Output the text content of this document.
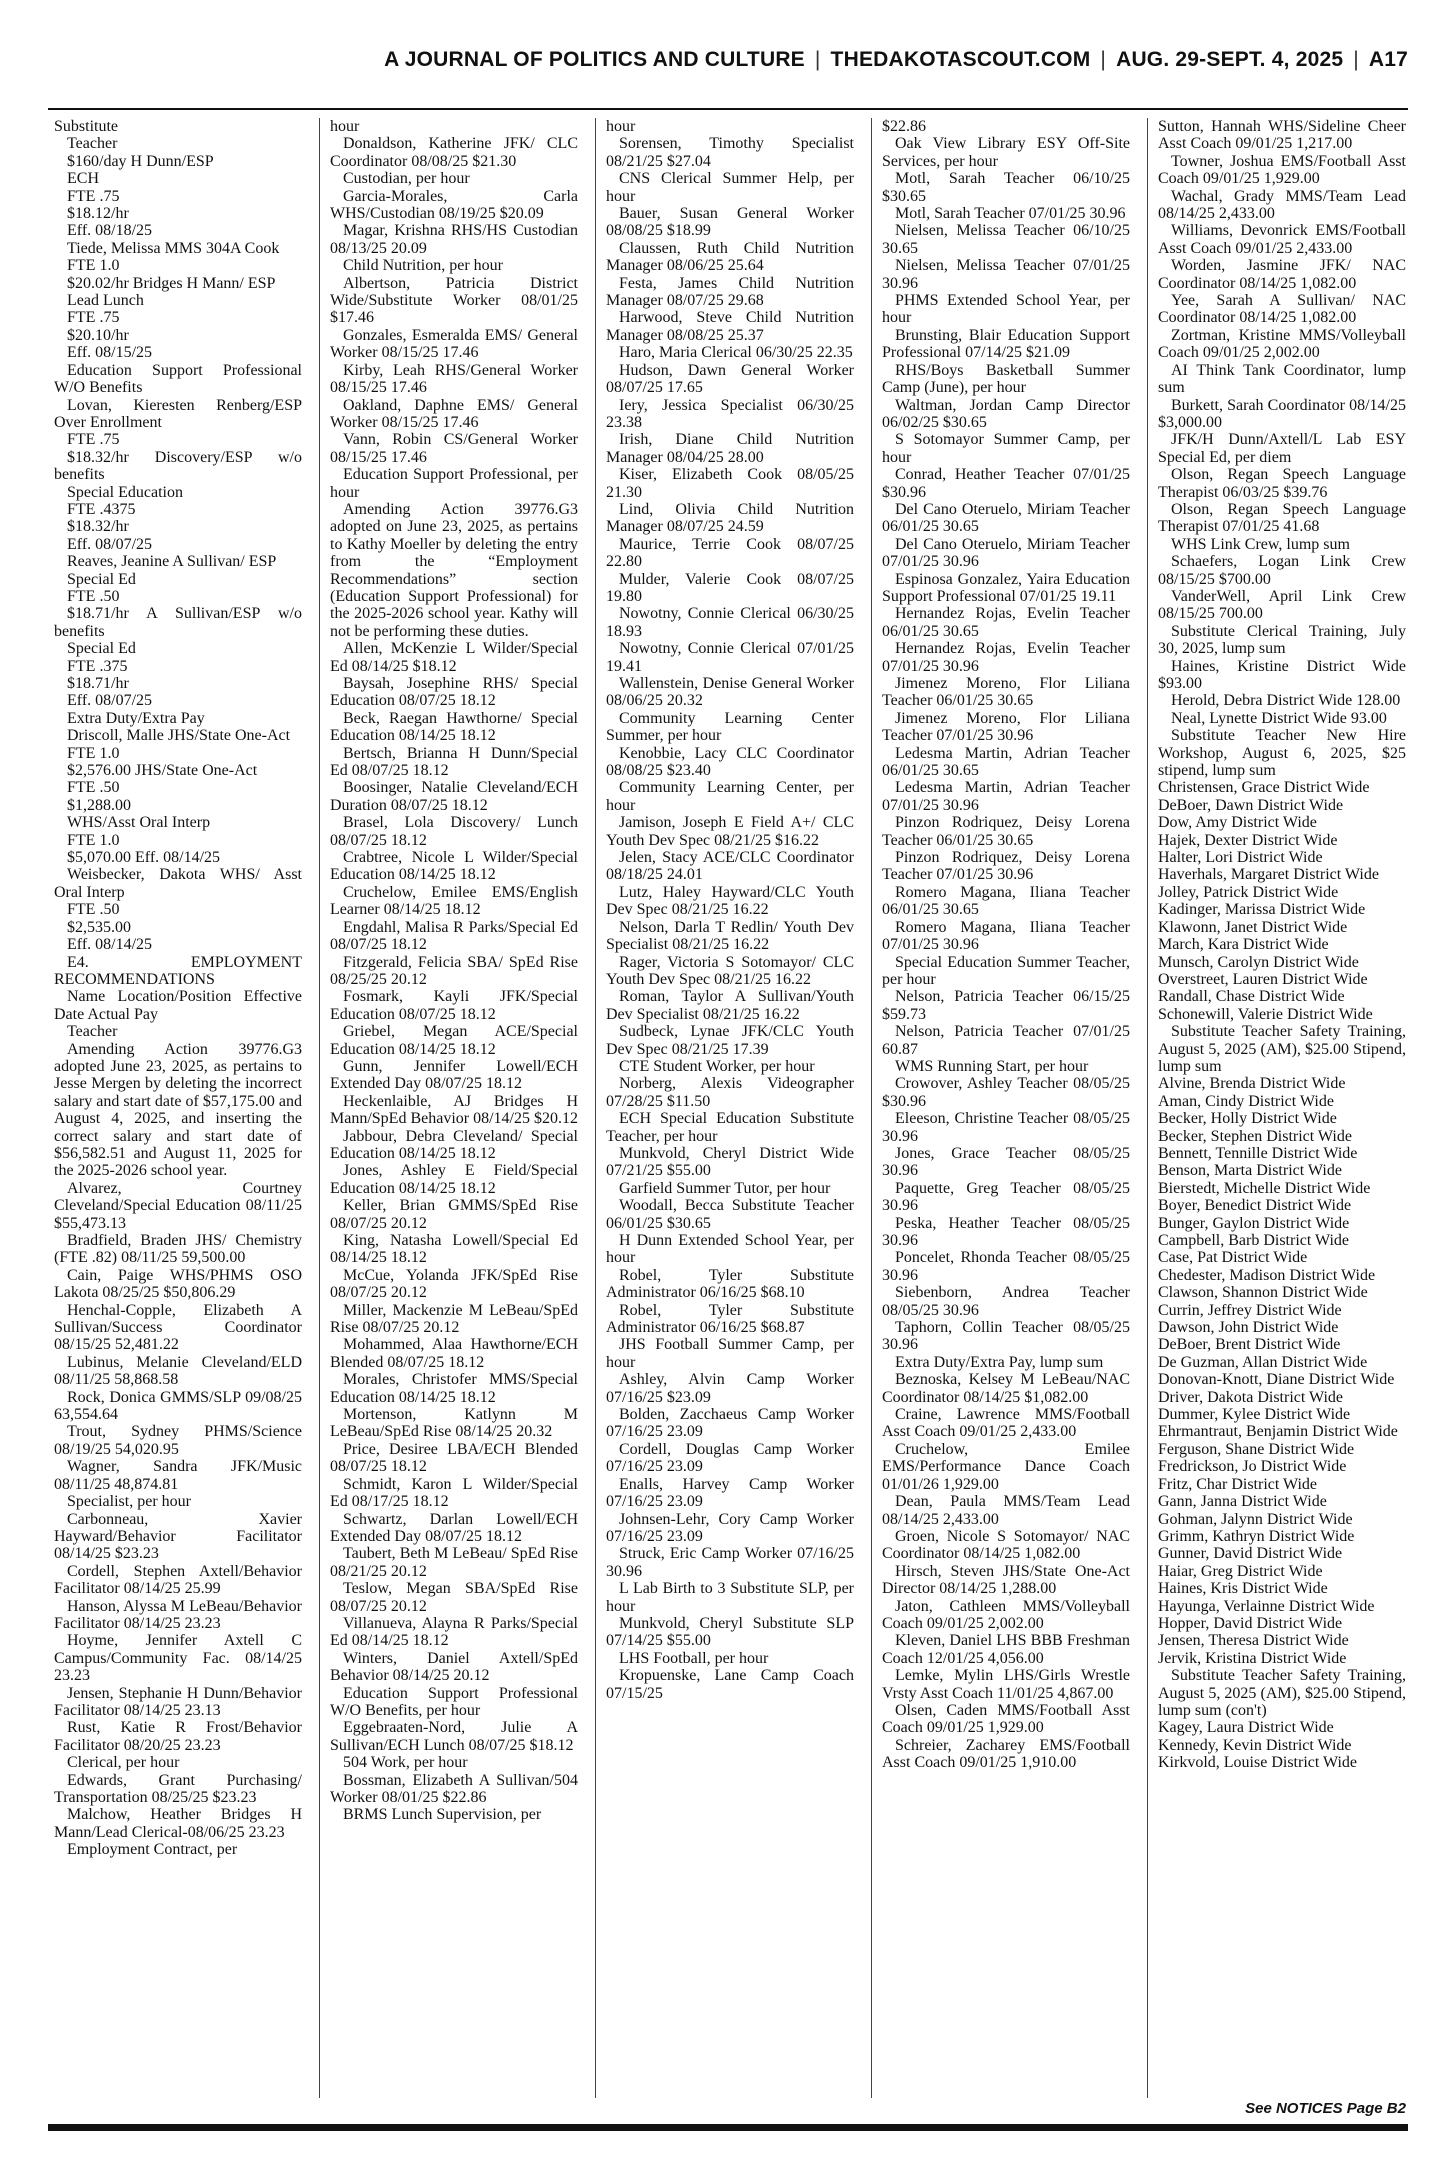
A JOURNAL OF POLITICS AND CULTURE | THEDAKOTASCOUT.COM | AUG. 29-SEPT. 4, 2025 | A17

Substitute

Teacher

$160/day H Dunn/ESP

ECH

FTE .75

$18.12/hr

Eff. 08/18/25

Tiede, Melissa MMS 304A Cook

FTE 1.0

$20.02/hr Bridges H Mann/ ESP

Lead Lunch

FTE .75

$20.10/hr

Eff. 08/15/25

Education Support Professional W/O Benefits

Lovan, Kieresten Renberg/ESP Over Enrollment

FTE .75

$18.32/hr Discovery/ESP w/o benefits

Special Education

FTE .4375

$18.32/hr

Eff. 08/07/25

Reaves, Jeanine A Sullivan/ ESP

Special Ed

FTE .50

$18.71/hr A Sullivan/ESP w/o benefits

Special Ed

FTE .375

$18.71/hr

Eff. 08/07/25

Extra Duty/Extra Pay

Driscoll, Malle JHS/State One-Act

FTE 1.0

$2,576.00 JHS/State One-Act

FTE .50

$1,288.00

WHS/Asst Oral Interp

FTE 1.0

$5,070.00 Eff. 08/14/25

Weisbecker, Dakota WHS/ Asst Oral Interp

FTE .50

$2,535.00

Eff. 08/14/25

E4. EMPLOYMENT RECOMMENDATIONS

Name Location/Position Effective Date Actual Pay

Teacher

Amending Action 39776.G3 adopted June 23, 2025, as pertains to Jesse Mergen by deleting the incorrect salary and start date of $57,175.00 and August 4, 2025, and inserting the correct salary and start date of $56,582.51 and August 11, 2025 for the 2025-2026 school year.

Alvarez, Courtney Cleveland/Special Education 08/11/25 $55,473.13

Bradfield, Braden JHS/ Chemistry (FTE .82) 08/11/25 59,500.00

Cain, Paige WHS/PHMS OSO Lakota 08/25/25 $50,806.29

Henchal-Copple, Elizabeth A Sullivan/Success Coordinator 08/15/25 52,481.22

Lubinus, Melanie Cleveland/ELD 08/11/25 58,868.58

Rock, Donica GMMS/SLP 09/08/25 63,554.64

Trout, Sydney PHMS/Science 08/19/25 54,020.95

Wagner, Sandra JFK/Music 08/11/25 48,874.81

Specialist, per hour

Carbonneau, Xavier Hayward/Behavior Facilitator 08/14/25 $23.23

Cordell, Stephen Axtell/Behavior Facilitator 08/14/25 25.99

Hanson, Alyssa M LeBeau/Behavior Facilitator 08/14/25 23.23

Hoyme, Jennifer Axtell C Campus/Community Fac. 08/14/25 23.23

Jensen, Stephanie H Dunn/Behavior Facilitator 08/14/25 23.13

Rust, Katie R Frost/Behavior Facilitator 08/20/25 23.23

Clerical, per hour

Edwards, Grant Purchasing/ Transportation 08/25/25 $23.23

Malchow, Heather Bridges H Mann/Lead Clerical-08/06/25 23.23

Employment Contract, per

hour

Donaldson, Katherine JFK/ CLC Coordinator 08/08/25 $21.30

Custodian, per hour

Garcia-Morales, Carla WHS/Custodian 08/19/25 $20.09

Magar, Krishna RHS/HS Custodian 08/13/25 20.09

Child Nutrition, per hour

Albertson, Patricia District Wide/Substitute Worker 08/01/25 $17.46

Gonzales, Esmeralda EMS/ General Worker 08/15/25 17.46

Kirby, Leah RHS/General Worker 08/15/25 17.46

Oakland, Daphne EMS/ General Worker 08/15/25 17.46

Vann, Robin CS/General Worker 08/15/25 17.46

Education Support Professional, per hour

Amending Action 39776.G3 adopted on June 23, 2025, as pertains to Kathy Moeller by deleting the entry from the “Employment Recommendations” section (Education Support Professional) for the 2025-2026 school year. Kathy will not be performing these duties.

Allen, McKenzie L Wilder/Special Ed 08/14/25 $18.12

Baysah, Josephine RHS/ Special Education 08/07/25 18.12

Beck, Raegan Hawthorne/ Special Education 08/14/25 18.12

Bertsch, Brianna H Dunn/Special Ed 08/07/25 18.12

Boosinger, Natalie Cleveland/ECH Duration 08/07/25 18.12

Brasel, Lola Discovery/ Lunch 08/07/25 18.12

Crabtree, Nicole L Wilder/Special Education 08/14/25 18.12

Cruchelow, Emilee EMS/English Learner 08/14/25 18.12

Engdahl, Malisa R Parks/Special Ed 08/07/25 18.12

Fitzgerald, Felicia SBA/ SpEd Rise 08/25/25 20.12

Fosmark, Kayli JFK/Special Education 08/07/25 18.12

Griebel, Megan ACE/Special Education 08/14/25 18.12

Gunn, Jennifer Lowell/ECH Extended Day 08/07/25 18.12

Heckenlaible, AJ Bridges H Mann/SpEd Behavior 08/14/25 $20.12

Jabbour, Debra Cleveland/ Special Education 08/14/25 18.12

Jones, Ashley E Field/Special Education 08/14/25 18.12

Keller, Brian GMMS/SpEd Rise 08/07/25 20.12

King, Natasha Lowell/Special Ed 08/14/25 18.12

McCue, Yolanda JFK/SpEd Rise 08/07/25 20.12

Miller, Mackenzie M LeBeau/SpEd Rise 08/07/25 20.12

Mohammed, Alaa Hawthorne/ECH Blended 08/07/25 18.12

Morales, Christofer MMS/Special Education 08/14/25 18.12

Mortenson, Katlynn M LeBeau/SpEd Rise 08/14/25 20.32

Price, Desiree LBA/ECH Blended 08/07/25 18.12

Schmidt, Karon L Wilder/Special Ed 08/17/25 18.12

Schwartz, Darlan Lowell/ECH Extended Day 08/07/25 18.12

Taubert, Beth M LeBeau/ SpEd Rise 08/21/25 20.12

Teslow, Megan SBA/SpEd Rise 08/07/25 20.12

Villanueva, Alayna R Parks/Special Ed 08/14/25 18.12

Winters, Daniel Axtell/SpEd Behavior 08/14/25 20.12

Education Support Professional W/O Benefits, per hour

Eggebraaten-Nord, Julie A Sullivan/ECH Lunch 08/07/25 $18.12

504 Work, per hour

Bossman, Elizabeth A Sullivan/504 Worker 08/01/25 $22.86

BRMS Lunch Supervision, per

hour

Sorensen, Timothy Specialist 08/21/25 $27.04

CNS Clerical Summer Help, per hour

Bauer, Susan General Worker 08/08/25 $18.99

Claussen, Ruth Child Nutrition Manager 08/06/25 25.64

Festa, James Child Nutrition Manager 08/07/25 29.68

Harwood, Steve Child Nutrition Manager 08/08/25 25.37

Haro, Maria Clerical 06/30/25 22.35

Hudson, Dawn General Worker 08/07/25 17.65

Iery, Jessica Specialist 06/30/25 23.38

Irish, Diane Child Nutrition Manager 08/04/25 28.00

Kiser, Elizabeth Cook 08/05/25 21.30

Lind, Olivia Child Nutrition Manager 08/07/25 24.59

Maurice, Terrie Cook 08/07/25 22.80

Mulder, Valerie Cook 08/07/25 19.80

Nowotny, Connie Clerical 06/30/25 18.93

Nowotny, Connie Clerical 07/01/25 19.41

Wallenstein, Denise General Worker 08/06/25 20.32

Community Learning Center Summer, per hour

Kenobbie, Lacy CLC Coordinator 08/08/25 $23.40

Community Learning Center, per hour

Jamison, Joseph E Field A+/ CLC Youth Dev Spec 08/21/25 $16.22

Jelen, Stacy ACE/CLC Coordinator 08/18/25 24.01

Lutz, Haley Hayward/CLC Youth Dev Spec 08/21/25 16.22

Nelson, Darla T Redlin/ Youth Dev Specialist 08/21/25 16.22

Rager, Victoria S Sotomayor/ CLC Youth Dev Spec 08/21/25 16.22

Roman, Taylor A Sullivan/Youth Dev Specialist 08/21/25 16.22

Sudbeck, Lynae JFK/CLC Youth Dev Spec 08/21/25 17.39

CTE Student Worker, per hour

Norberg, Alexis Videographer 07/28/25 $11.50

ECH Special Education Substitute Teacher, per hour

Munkvold, Cheryl District Wide 07/21/25 $55.00

Garfield Summer Tutor, per hour

Woodall, Becca Substitute Teacher 06/01/25 $30.65

H Dunn Extended School Year, per hour

Robel, Tyler Substitute Administrator 06/16/25 $68.10

Robel, Tyler Substitute Administrator 06/16/25 $68.87

JHS Football Summer Camp, per hour

Ashley, Alvin Camp Worker 07/16/25 $23.09

Bolden, Zacchaeus Camp Worker 07/16/25 23.09

Cordell, Douglas Camp Worker 07/16/25 23.09

Enalls, Harvey Camp Worker 07/16/25 23.09

Johnsen-Lehr, Cory Camp Worker 07/16/25 23.09

Struck, Eric Camp Worker 07/16/25 30.96

L Lab Birth to 3 Substitute SLP, per hour

Munkvold, Cheryl Substitute SLP 07/14/25 $55.00

LHS Football, per hour

Kropuenske, Lane Camp Coach 07/15/25

$22.86

Oak View Library ESY Off-Site Services, per hour

Motl, Sarah Teacher 06/10/25 $30.65

Motl, Sarah Teacher 07/01/25 30.96

Nielsen, Melissa Teacher 06/10/25 30.65

Nielsen, Melissa Teacher 07/01/25 30.96

PHMS Extended School Year, per hour

Brunsting, Blair Education Support Professional 07/14/25 $21.09

RHS/Boys Basketball Summer Camp (June), per hour

Waltman, Jordan Camp Director 06/02/25 $30.65

S Sotomayor Summer Camp, per hour

Conrad, Heather Teacher 07/01/25 $30.96

Del Cano Oteruelo, Miriam Teacher 06/01/25 30.65

Del Cano Oteruelo, Miriam Teacher 07/01/25 30.96

Espinosa Gonzalez, Yaira Education Support Professional 07/01/25 19.11

Hernandez Rojas, Evelin Teacher 06/01/25 30.65

Hernandez Rojas, Evelin Teacher 07/01/25 30.96

Jimenez Moreno, Flor Liliana Teacher 06/01/25 30.65

Jimenez Moreno, Flor Liliana Teacher 07/01/25 30.96

Ledesma Martin, Adrian Teacher 06/01/25 30.65

Ledesma Martin, Adrian Teacher 07/01/25 30.96

Pinzon Rodriquez, Deisy Lorena Teacher 06/01/25 30.65

Pinzon Rodriquez, Deisy Lorena Teacher 07/01/25 30.96

Romero Magana, Iliana Teacher 06/01/25 30.65

Romero Magana, Iliana Teacher 07/01/25 30.96

Special Education Summer Teacher, per hour

Nelson, Patricia Teacher 06/15/25 $59.73

Nelson, Patricia Teacher 07/01/25 60.87

WMS Running Start, per hour

Crowover, Ashley Teacher 08/05/25 $30.96

Eleeson, Christine Teacher 08/05/25 30.96

Jones, Grace Teacher 08/05/25 30.96

Paquette, Greg Teacher 08/05/25 30.96

Peska, Heather Teacher 08/05/25 30.96

Poncelet, Rhonda Teacher 08/05/25 30.96

Siebenborn, Andrea Teacher 08/05/25 30.96

Taphorn, Collin Teacher 08/05/25 30.96

Extra Duty/Extra Pay, lump sum

Beznoska, Kelsey M LeBeau/NAC Coordinator 08/14/25 $1,082.00

Craine, Lawrence MMS/Football Asst Coach 09/01/25 2,433.00

Cruchelow, Emilee EMS/Performance Dance Coach 01/01/26 1,929.00

Dean, Paula MMS/Team Lead 08/14/25 2,433.00

Groen, Nicole S Sotomayor/ NAC Coordinator 08/14/25 1,082.00

Hirsch, Steven JHS/State One-Act Director 08/14/25 1,288.00

Jaton, Cathleen MMS/Volleyball Coach 09/01/25 2,002.00

Kleven, Daniel LHS BBB Freshman Coach 12/01/25 4,056.00

Lemke, Mylin LHS/Girls Wrestle Vrsty Asst Coach 11/01/25 4,867.00

Olsen, Caden MMS/Football Asst Coach 09/01/25 1,929.00

Schreier, Zacharey EMS/Football Asst Coach 09/01/25 1,910.00

Sutton, Hannah WHS/Sideline Cheer Asst Coach 09/01/25 1,217.00

Towner, Joshua EMS/Football Asst Coach 09/01/25 1,929.00

Wachal, Grady MMS/Team Lead 08/14/25 2,433.00

Williams, Devonrick EMS/Football Asst Coach 09/01/25 2,433.00

Worden, Jasmine JFK/ NAC Coordinator 08/14/25 1,082.00

Yee, Sarah A Sullivan/ NAC Coordinator 08/14/25 1,082.00

Zortman, Kristine MMS/Volleyball Coach 09/01/25 2,002.00

AI Think Tank Coordinator, lump sum

Burkett, Sarah Coordinator 08/14/25 $3,000.00

JFK/H Dunn/Axtell/L Lab ESY Special Ed, per diem

Olson, Regan Speech Language Therapist 06/03/25 $39.76

Olson, Regan Speech Language Therapist 07/01/25 41.68

WHS Link Crew, lump sum

Schaefers, Logan Link Crew 08/15/25 $700.00

VanderWell, April Link Crew 08/15/25 700.00

Substitute Clerical Training, July 30, 2025, lump sum

Haines, Kristine District Wide $93.00

Herold, Debra District Wide 128.00

Neal, Lynette District Wide 93.00

Substitute Teacher New Hire Workshop, August 6, 2025, $25 stipend, lump sum

Christensen, Grace District Wide

DeBoer, Dawn District Wide

Dow, Amy District Wide

Hajek, Dexter District Wide

Halter, Lori District Wide

Haverhals, Margaret District Wide

Jolley, Patrick District Wide

Kadinger, Marissa District Wide

Klawonn, Janet District Wide

March, Kara District Wide

Munsch, Carolyn District Wide

Overstreet, Lauren District Wide

Randall, Chase District Wide

Schonewill, Valerie District Wide

Substitute Teacher Safety Training, August 5, 2025 (AM), $25.00 Stipend, lump sum

Alvine, Brenda District Wide

Aman, Cindy District Wide

Becker, Holly District Wide

Becker, Stephen District Wide

Bennett, Tennille District Wide

Benson, Marta District Wide

Bierstedt, Michelle District Wide

Boyer, Benedict District Wide

Bunger, Gaylon District Wide

Campbell, Barb District Wide

Case, Pat District Wide

Chedester, Madison District Wide

Clawson, Shannon District Wide

Currin, Jeffrey District Wide

Dawson, John District Wide

DeBoer, Brent District Wide

De Guzman, Allan District Wide

Donovan-Knott, Diane District Wide

Driver, Dakota District Wide

Dummer, Kylee District Wide

Ehrmantraut, Benjamin District Wide

Ferguson, Shane District Wide

Fredrickson, Jo District Wide

Fritz, Char District Wide

Gann, Janna District Wide

Gohman, Jalynn District Wide

Grimm, Kathryn District Wide

Gunner, David District Wide

Haiar, Greg District Wide

Haines, Kris District Wide

Hayunga, Verlainne District Wide

Hopper, David District Wide

Jensen, Theresa District Wide

Jervik, Kristina District Wide

Substitute Teacher Safety Training, August 5, 2025 (AM), $25.00 Stipend, lump sum (con't)

Kagey, Laura District Wide

Kennedy, Kevin District Wide

Kirkvold, Louise District Wide

See NOTICES Page B2
